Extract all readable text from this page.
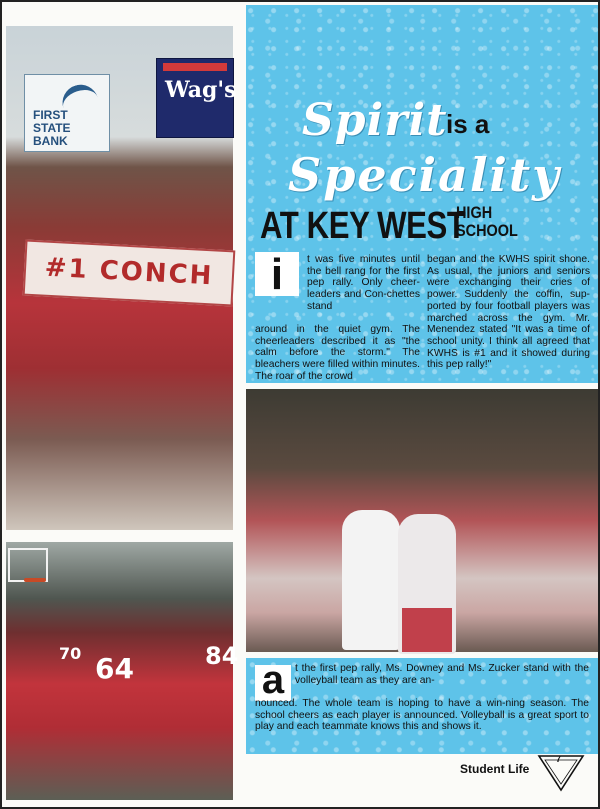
FIRST STATE BANK
Wag's
#1 CONCH
64	84
70
Spirit
is a
Speciality
AT KEY WEST
HIGH
SCHOOL
i	t was five minutes until the bell rang for the first pep rally. Only cheer-leaders and Con-chettes stand
around in the quiet gym. The cheerleaders described it as "the calm before the storm." The bleachers were filled within minutes. The roar of the crowd
began and the KWHS spirit shone. As usual, the juniors and seniors were exchanging their cries of power. Suddenly the coffin, sup-ported by four football players was marched across the gym. Mr. Menendez stated "It was a time of school unity. I think all agreed that KWHS is #1 and it showed during this pep rally!"
a	t the first pep rally, Ms. Downey and Ms. Zucker stand with the volleyball team as they are an-
nounced. The whole team is hoping to have a win-ning season. The school cheers as each player is announced. Volleyball is a great sport to play and each teammate knows this and shows it.
Student Life
7
